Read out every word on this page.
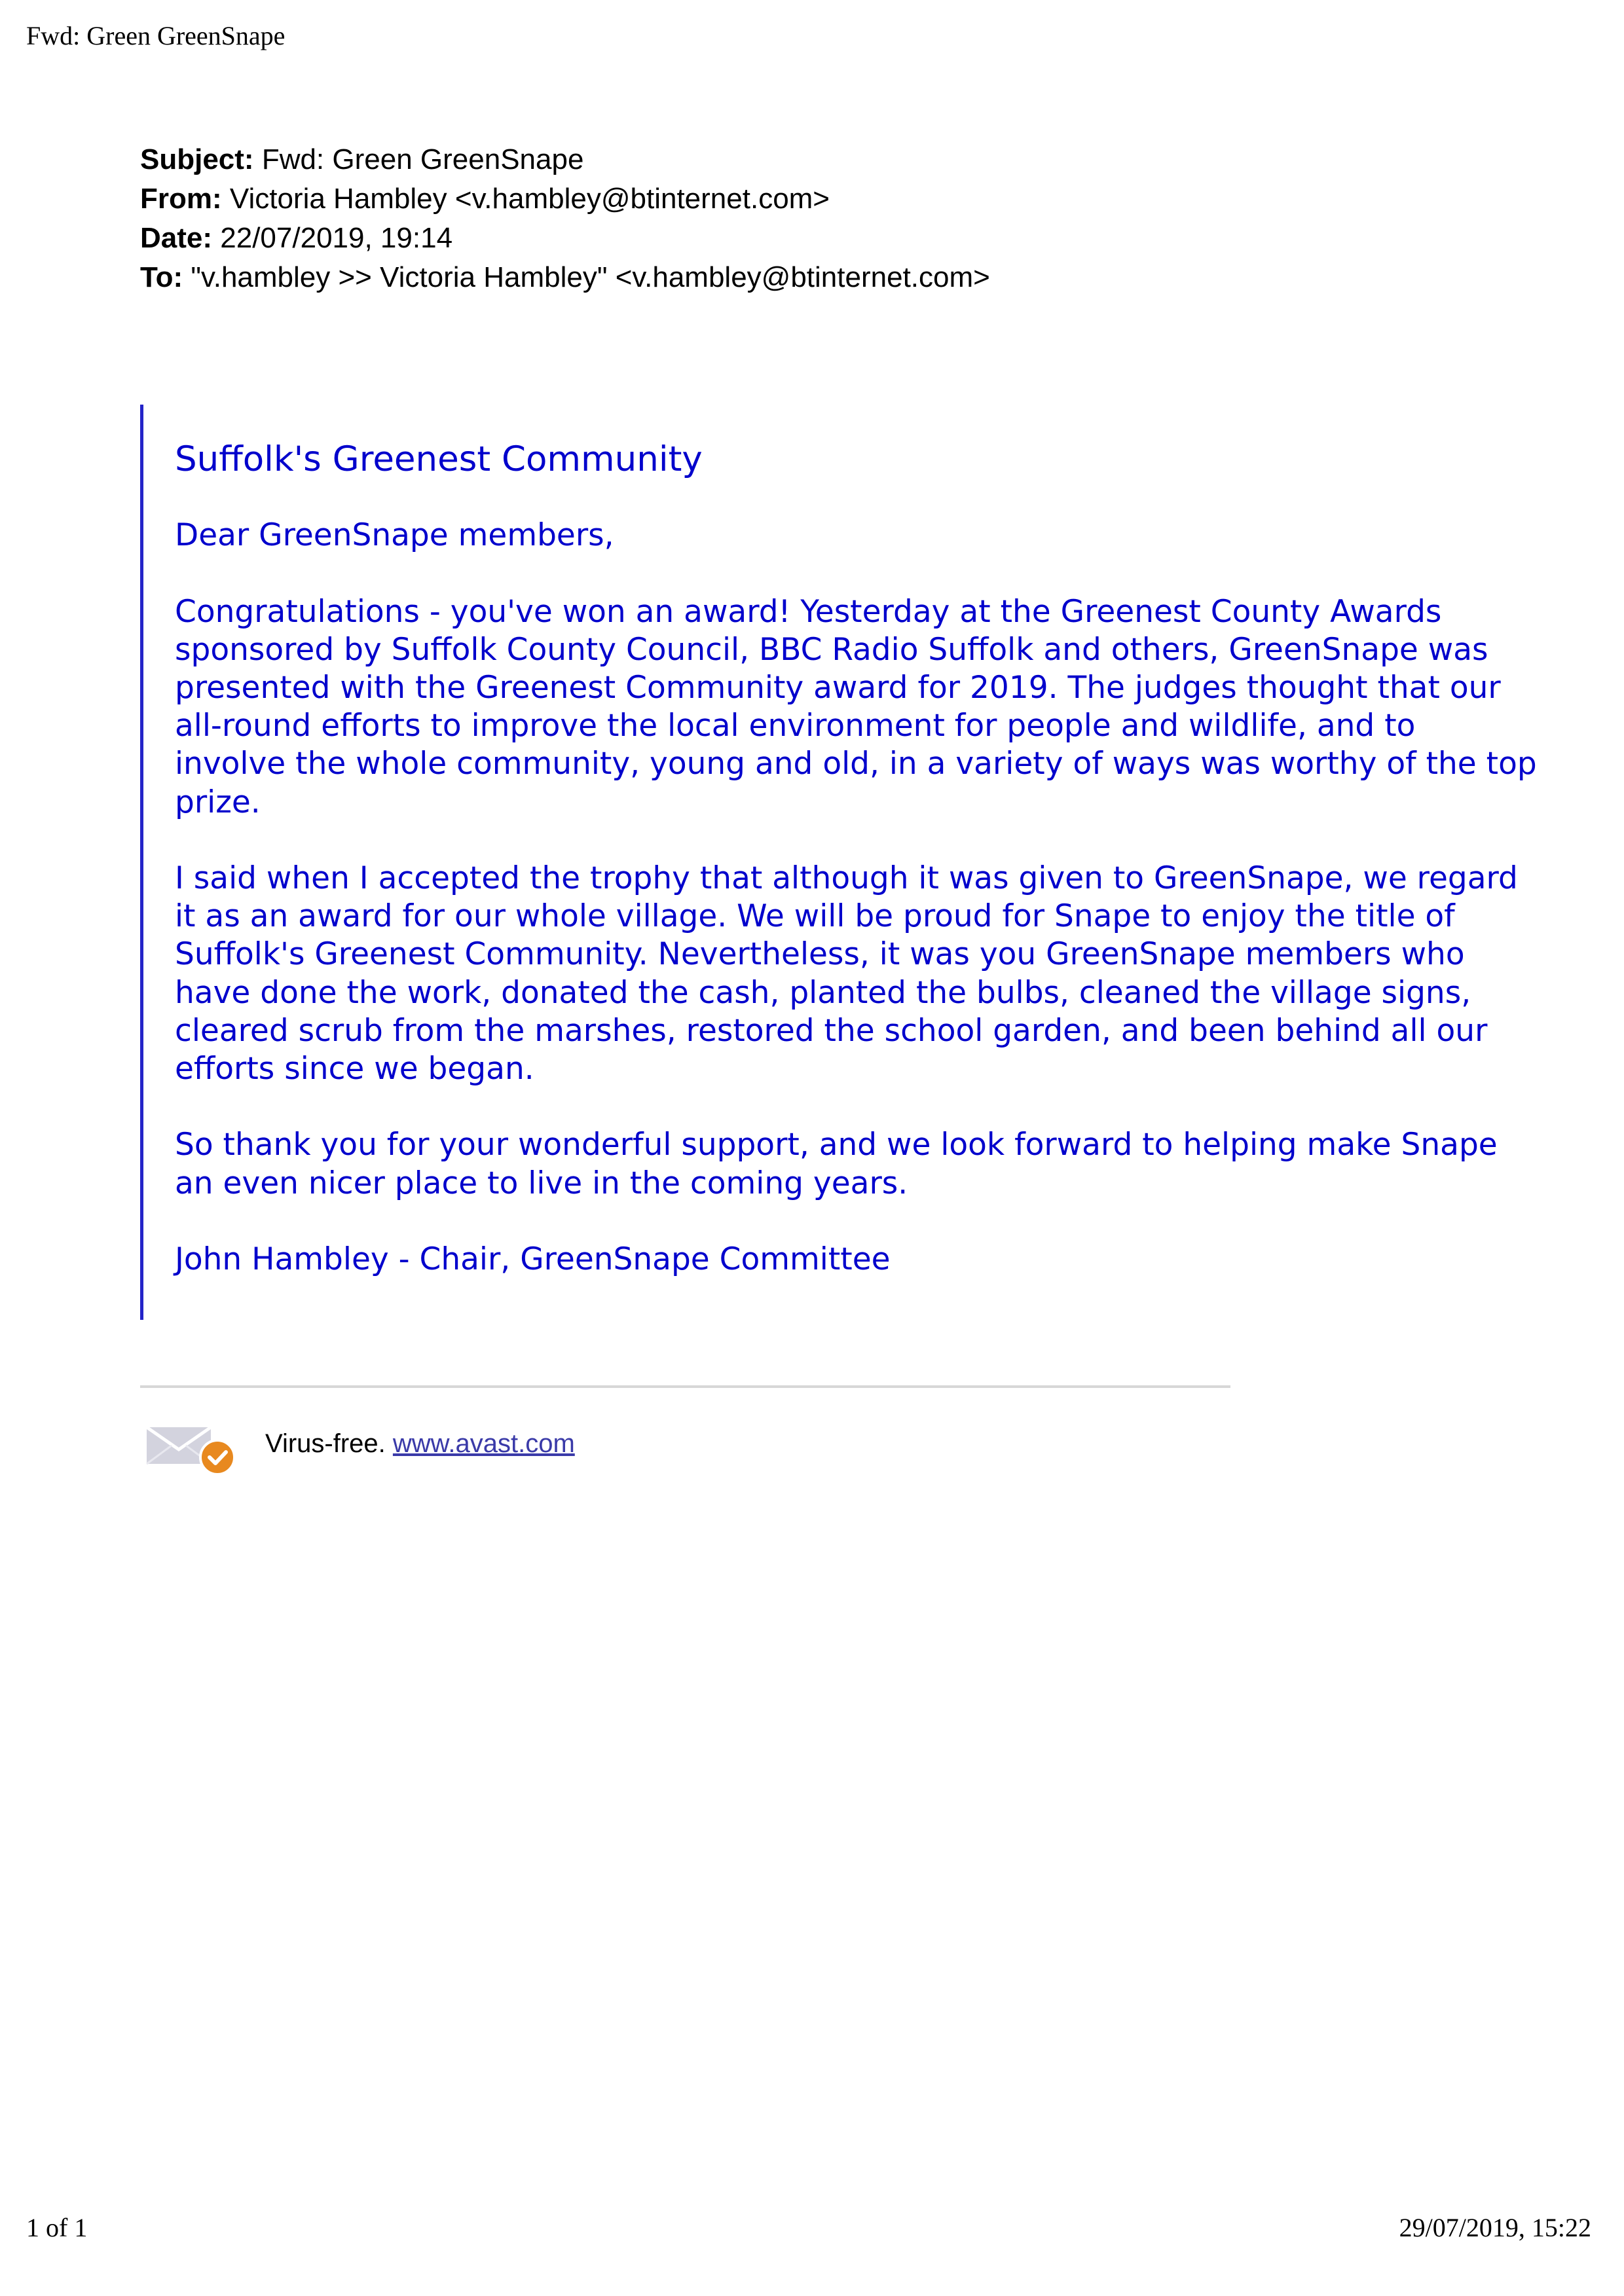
Fwd: Green GreenSnape
Subject: Fwd: Green GreenSnape
From: Victoria Hambley <v.hambley@btinternet.com>
Date: 22/07/2019, 19:14
To: "v.hambley >> Victoria Hambley" <v.hambley@btinternet.com>

Suffolk's Greenest Community

Dear GreenSnape members,

Congratulations - you've won an award! Yesterday at the Greenest County Awards
sponsored by Suffolk County Council, BBC Radio Suffolk and others, GreenSnape was
presented with the Greenest Community award for 2019. The judges thought that our
all-round efforts to improve the local environment for people and wildlife, and to
involve the whole community, young and old, in a variety of ways was worthy of the top
prize.

I said when I accepted the trophy that although it was given to GreenSnape, we regard
it as an award for our whole village. We will be proud for Snape to enjoy the title of
Suffolk's Greenest Community. Nevertheless, it was you GreenSnape members who
have done the work, donated the cash, planted the bulbs, cleaned the village signs,
cleared scrub from the marshes, restored the school garden, and been behind all our
efforts since we began.

So thank you for your wonderful support, and we look forward to helping make Snape
an even nicer place to live in the coming years.

John Hambley - Chair, GreenSnape Committee

Virus-free. www.avast.com
1 of 1	29/07/2019, 15:22
